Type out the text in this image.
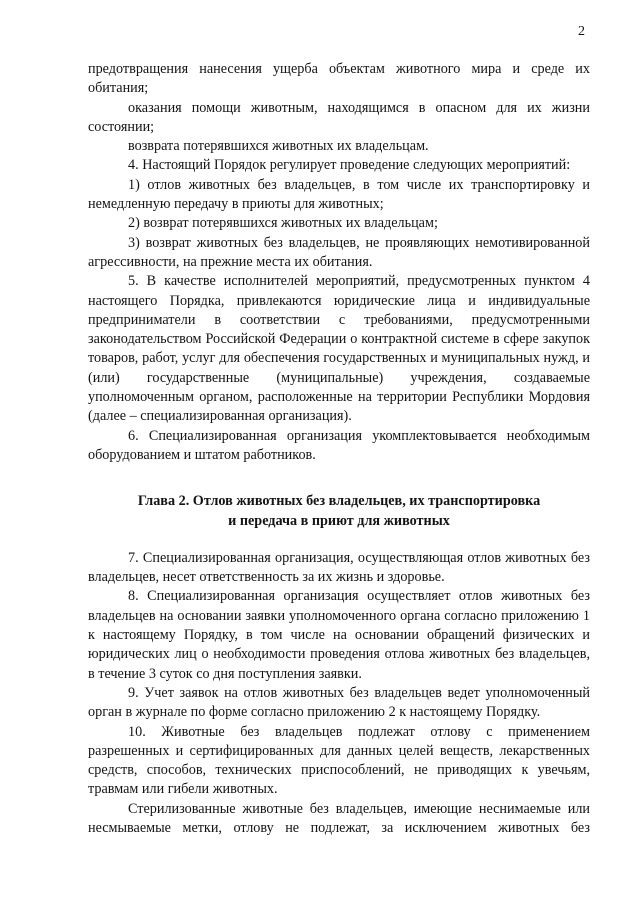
2

предотвращения нанесения ущерба объектам животного мира и среде их обитания;

оказания помощи животным, находящимся в опасном для их жизни состоянии;

возврата потерявшихся животных их владельцам.

4. Настоящий Порядок регулирует проведение следующих мероприятий:

1) отлов животных без владельцев, в том числе их транспортировку и немедленную передачу в приюты для животных;

2) возврат потерявшихся животных их владельцам;

3) возврат животных без владельцев, не проявляющих немотивированной агрессивности, на прежние места их обитания.

5. В качестве исполнителей мероприятий, предусмотренных пунктом 4 настоящего Порядка, привлекаются юридические лица и индивидуальные предприниматели в соответствии с требованиями, предусмотренными законодательством Российской Федерации о контрактной системе в сфере закупок товаров, работ, услуг для обеспечения государственных и муниципальных нужд, и (или) государственные (муниципальные) учреждения, создаваемые уполномоченным органом, расположенные на территории Республики Мордовия (далее – специализированная организация).

6. Специализированная организация укомплектовывается необходимым оборудованием и штатом работников.

Глава 2. Отлов животных без владельцев, их транспортировка
и передача в приют для животных

7. Специализированная организация, осуществляющая отлов животных без владельцев, несет ответственность за их жизнь и здоровье.

8. Специализированная организация осуществляет отлов животных без владельцев на основании заявки уполномоченного органа согласно приложению 1 к настоящему Порядку, в том числе на основании обращений физических и юридических лиц о необходимости проведения отлова животных без владельцев, в течение 3 суток со дня поступления заявки.

9. Учет заявок на отлов животных без владельцев ведет уполномоченный орган в журнале по форме согласно приложению 2 к настоящему Порядку.

10. Животные без владельцев подлежат отлову с применением разрешенных и сертифицированных для данных целей веществ, лекарственных средств, способов, технических приспособлений, не приводящих к увечьям, травмам или гибели животных.

Стерилизованные животные без владельцев, имеющие неснимаемые или несмываемые метки, отлову не подлежат, за исключением животных без
